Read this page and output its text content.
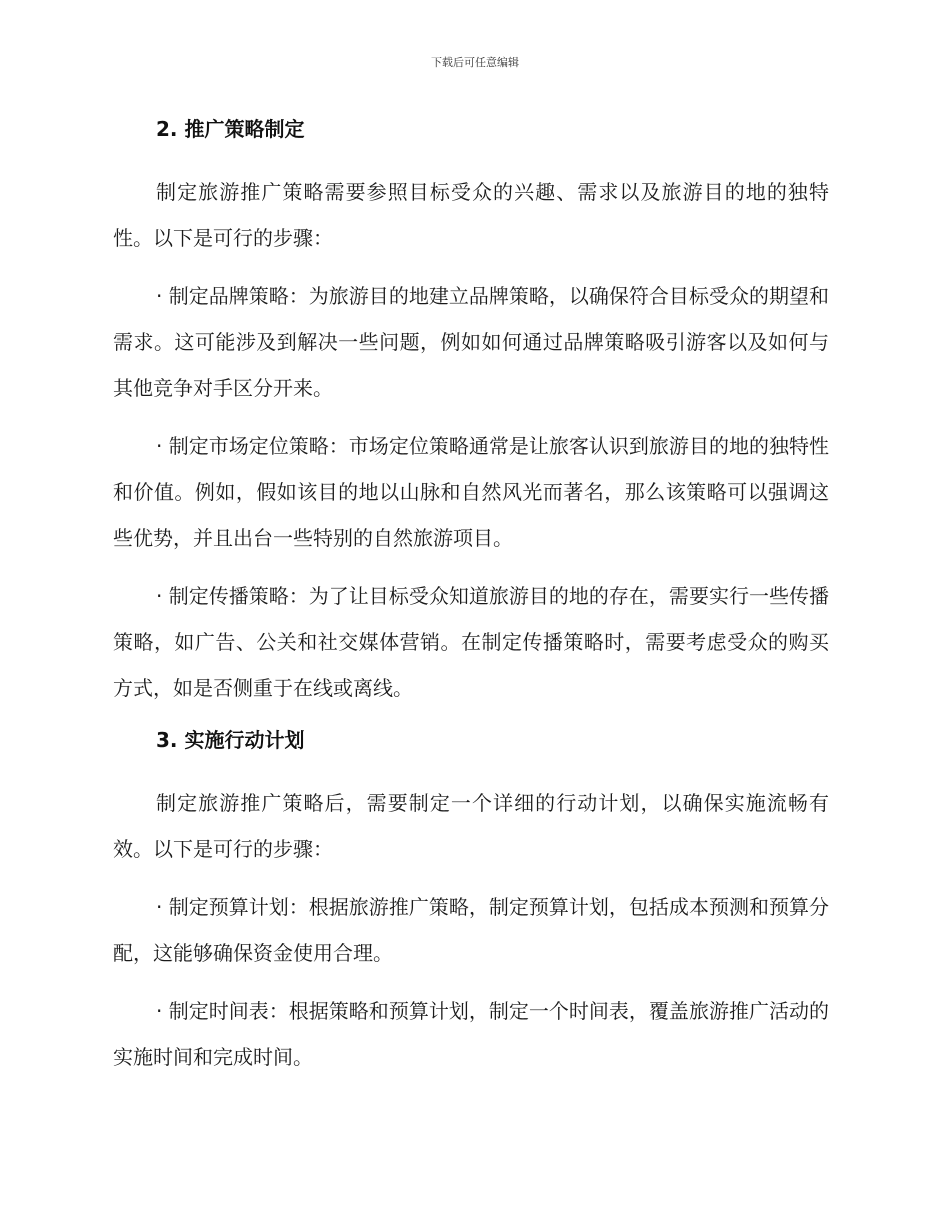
下载后可任意编辑
2. 推广策略制定

制定旅游推广策略需要参照目标受众的兴趣、需求以及旅游目的地的独特性。以下是可行的步骤：

· 制定品牌策略：为旅游目的地建立品牌策略，以确保符合目标受众的期望和需求。这可能涉及到解决一些问题，例如如何通过品牌策略吸引游客以及如何与其他竞争对手区分开来。

· 制定市场定位策略：市场定位策略通常是让旅客认识到旅游目的地的独特性和价值。例如，假如该目的地以山脉和自然风光而著名，那么该策略可以强调这些优势，并且出台一些特别的自然旅游项目。

· 制定传播策略：为了让目标受众知道旅游目的地的存在，需要实行一些传播策略，如广告、公关和社交媒体营销。在制定传播策略时，需要考虑受众的购买方式，如是否侧重于在线或离线。

3. 实施行动计划

制定旅游推广策略后，需要制定一个详细的行动计划，以确保实施流畅有效。以下是可行的步骤：

· 制定预算计划：根据旅游推广策略，制定预算计划，包括成本预测和预算分配，这能够确保资金使用合理。

· 制定时间表：根据策略和预算计划，制定一个时间表，覆盖旅游推广活动的实施时间和完成时间。
